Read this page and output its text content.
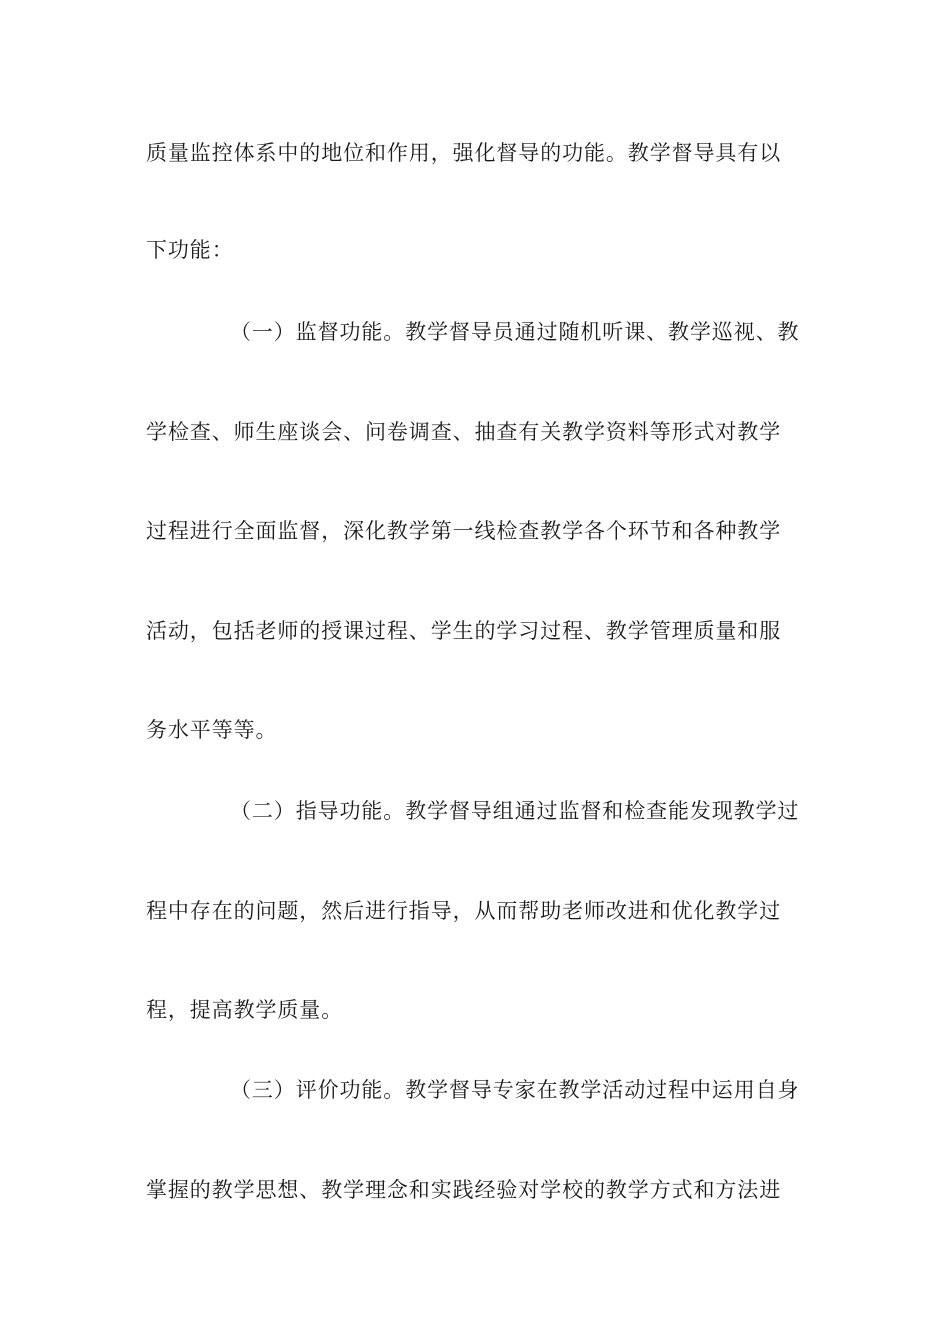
质量监控体系中的地位和作用，强化督导的功能。教学督导具有以
下功能：
（一）监督功能。教学督导员通过随机听课、教学巡视、教
学检查、师生座谈会、问卷调查、抽查有关教学资料等形式对教学
过程进行全面监督，深化教学第一线检查教学各个环节和各种教学
活动，包括老师的授课过程、学生的学习过程、教学管理质量和服
务水平等等。
（二）指导功能。教学督导组通过监督和检查能发现教学过
程中存在的问题，然后进行指导，从而帮助老师改进和优化教学过
程，提高教学质量。
（三）评价功能。教学督导专家在教学活动过程中运用自身
掌握的教学思想、教学理念和实践经验对学校的教学方式和方法进
